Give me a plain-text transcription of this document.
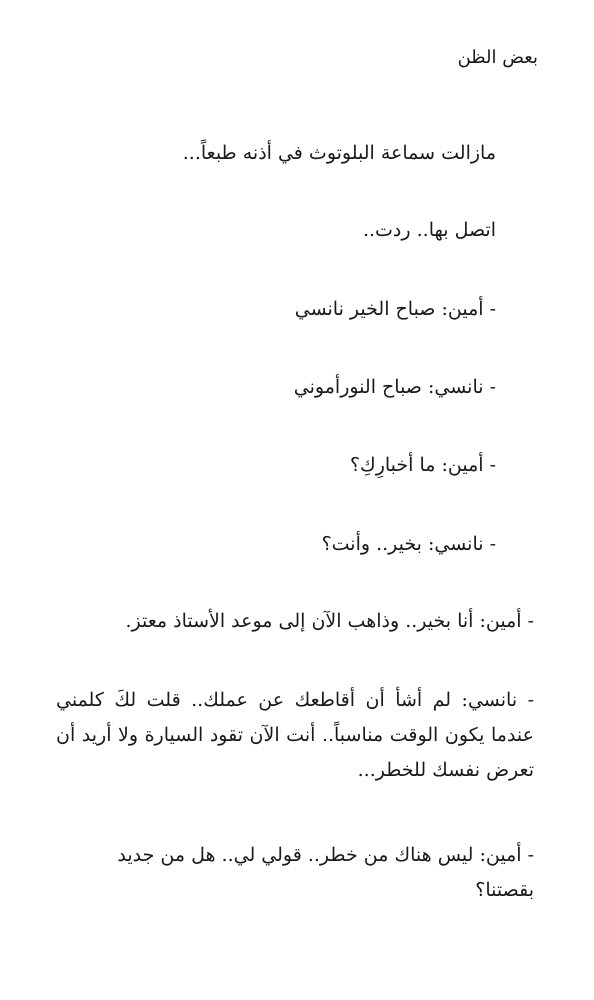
بعض الظن
مازالت سماعة البلوتوث في أذنه طبعاً...
اتصل بها.. ردت..
- أمين: صباح الخير نانسي
- نانسي: صباح النورأموني
- أمين: ما أخبارِكِ؟
- نانسي: بخير.. وأنت؟
- أمين: أنا بخير.. وذاهب الآن إلى موعد الأستاذ معتز.
- نانسي: لم أشأ أن أقاطعك عن عملك.. قلت لكَ كلمني عندما يكون الوقت مناسباً.. أنت الآن تقود السيارة ولا أريد أن تعرض نفسك للخطر...
- أمين: ليس هناك من خطر.. قولي لي.. هل من جديد بقصتنا؟
